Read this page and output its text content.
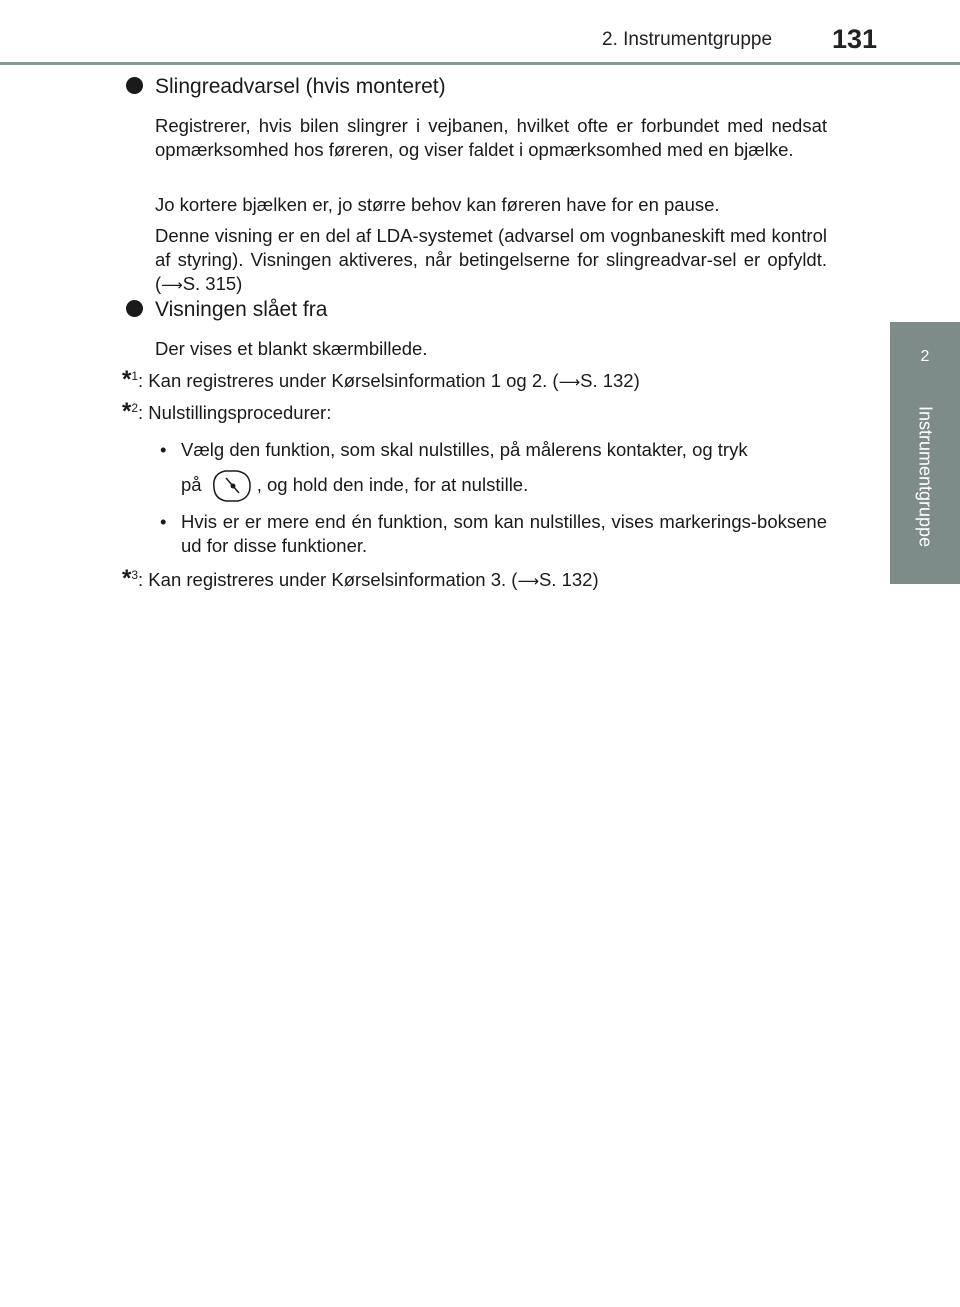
2. Instrumentgruppe 131
2
Instrumentgruppe
Slingreadvarsel (hvis monteret)
Registrerer, hvis bilen slingrer i vejbanen, hvilket ofte er forbundet med nedsat opmærksomhed hos føreren, og viser faldet i opmærksomhed med en bjælke.
Jo kortere bjælken er, jo større behov kan føreren have for en pause.
Denne visning er en del af LDA-systemet (advarsel om vognbaneskift med kontrol af styring). Visningen aktiveres, når betingelserne for slingreadvar-sel er opfyldt. (⟶S. 315)
Visningen slået fra
Der vises et blankt skærmbillede.
*$^1$: Kan registreres under Kørselsinformation 1 og 2. (⟶S. 132)
*$^2$: Nulstillingsprocedurer:
• Vælg den funktion, som skal nulstilles, på målerens kontakter, og tryk
på	, og hold den inde, for at nulstille.
• Hvis er er mere end én funktion, som kan nulstilles, vises markerings-boksene ud for disse funktioner.
*$^3$: Kan registreres under Kørselsinformation 3. (⟶S. 132)
